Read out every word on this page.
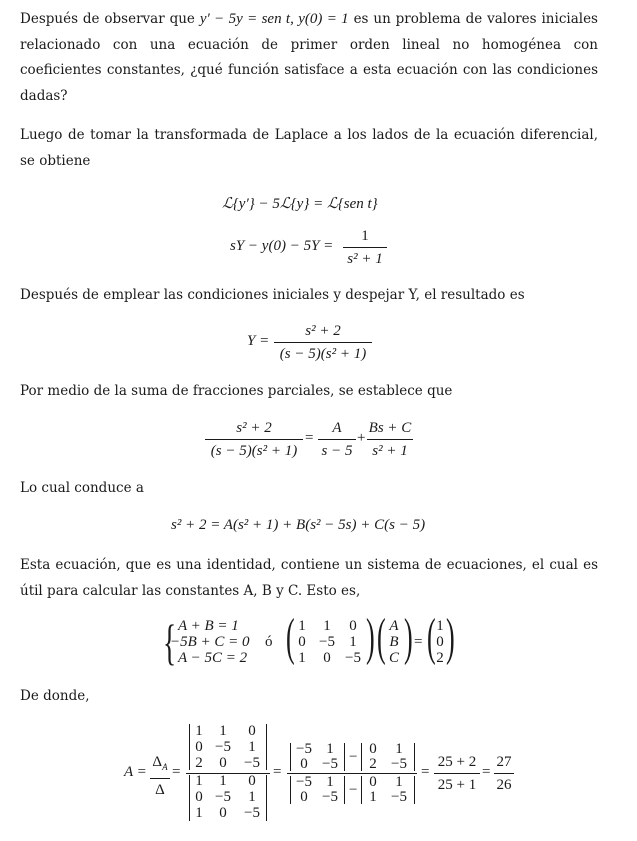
Después de observar que y′ − 5y = sen t, y(0) = 1 es un problema de valores iniciales relacionado con una ecuación de primer orden lineal no homogénea con coeficientes constantes, ¿qué función satisface a esta ecuación con las condiciones dadas?
Luego de tomar la transformada de Laplace a los lados de la ecuación diferencial, se obtiene
ℒ{y′} − 5ℒ{y} = ℒ{sen t}
sY − y(0) − 5Y =
1
s² + 1
Después de emplear las condiciones iniciales y despejar Y, el resultado es
Y =
s² + 2
(s − 5)(s² + 1)
Por medio de la suma de fracciones parciales, se establece que
s² + 2
(s − 5)(s² + 1)
=
A
s − 5
+
Bs + C
s² + 1
Lo cual conduce a
s² + 2 = A(s² + 1) + B(s² − 5s) + C(s − 5)
Esta ecuación, que es una identidad, contiene un sistema de ecuaciones, el cual es útil para calcular las constantes A, B y C. Esto es,
{ A + B = 1
−5B + C = 0
A − 5C = 2
ó ( 1	1	0
0 −5 1
1	0 −5 ) ( A
B
C ) = ( 1
0
2 )
De donde,
A =
$\Delta_A$
Δ
=
1	1	0
0 −5	1
2	0	−5
1	1	0
0 −5	1
1	0	−5
=
−5 1
0 −5 − 0	1
2 −5
−5 1
0 −5 − 0	1
1 −5
=
25 + 2
25 + 1
=
27
26
